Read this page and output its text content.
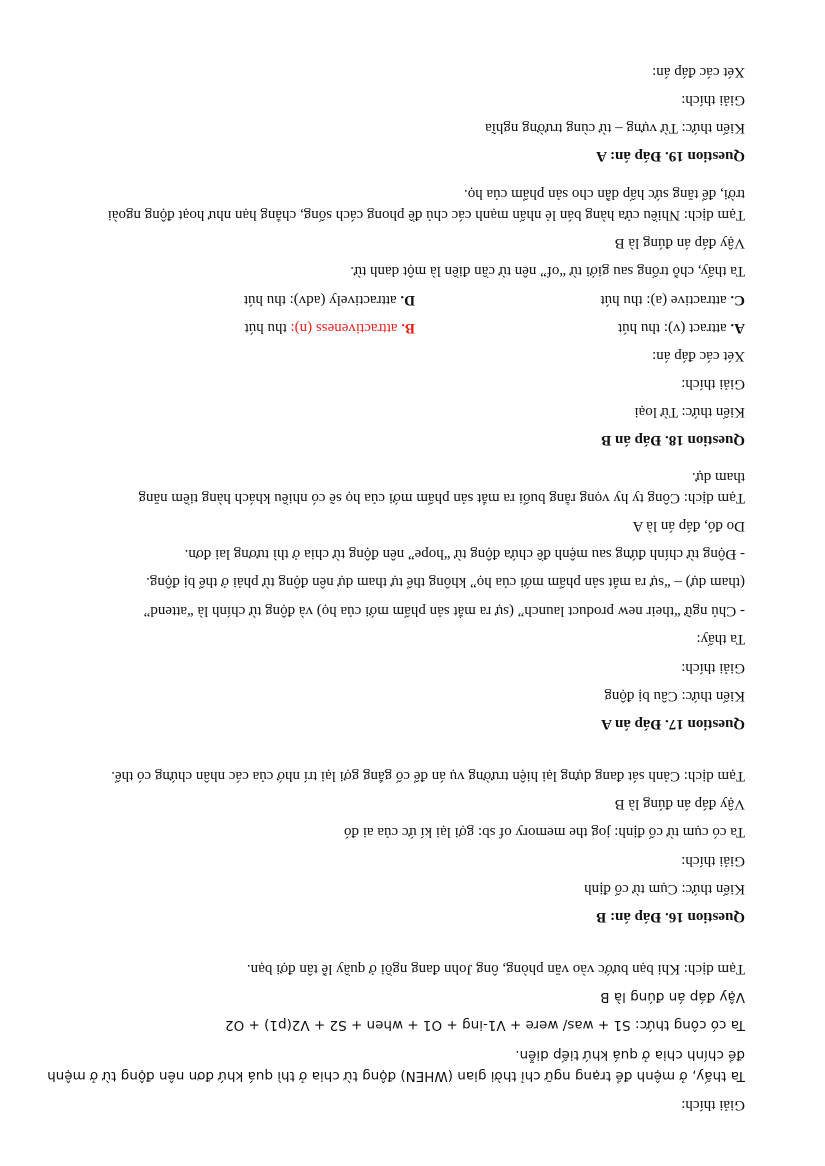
Giải thích:
Ta thấy, ở mệnh đề trạng ngữ chỉ thời gian (WHEN) động từ chia ở thì quá khứ đơn nên động từ ở mệnh
đề chính chia ở quá khứ tiếp diễn.
Ta có công thức: S1 + was/ were + V1-ing + O1 + when + S2 + V2(p1) + O2
Vậy đáp án đúng là B
Tạm dịch: Khi bạn bước vào văn phòng, ông John đang ngồi ở quầy lễ tân đợi bạn.
Question 16. Đáp án: B
Kiến thức: Cụm từ cố định
Giải thích:
Ta có cụm từ cố định: jog the memory of sb: gợi lại kí ức của ai đó
Vậy đáp án đúng là B
Tạm dịch: Cảnh sát đang dựng lại hiện trường vụ án để cố gắng gợi lại trí nhớ của các nhân chứng có thể.
Question 17. Đáp án A
Kiến thức: Câu bị động
Giải thích:
Ta thấy:
- Chủ ngữ “their new product launch” (sự ra mắt sản phẩm mới của họ) và động từ chính là “attend”
(tham dự) – “sự ra mắt sản phẩm mới của họ” không thể tự tham dự nên động từ phải ở thể bị động.
- Động từ chính đứng sau mệnh đề chứa động từ “hope” nên động từ chia ở thì tương lai đơn.
Do đó, đáp án là A
Tạm dịch: Công ty hy vọng rằng buổi ra mắt sản phẩm mới của họ sẽ có nhiều khách hàng tiềm năng
tham dự.
Question 18. Đáp án B
Kiến thức: Từ loại
Giải thích:
Xét các đáp án:
A. attract (v): thu hút
B. attractiveness (n): thu hút
C. attractive (a): thu hút
D. attractively (adv): thu hút
Ta thấy, chỗ trống sau giới từ “of” nên từ cần điền là một danh từ.
Vậy đáp án đúng là B
Tạm dịch: Nhiều cửa hàng bán lẻ nhấn mạnh các chủ đề phong cách sống, chẳng hạn như hoạt động ngoài
trời, để tăng sức hấp dẫn cho sản phẩm của họ.
Question 19. Đáp án: A
Kiến thức: Từ vựng – từ cùng trường nghĩa
Giải thích:
Xét các đáp án:
